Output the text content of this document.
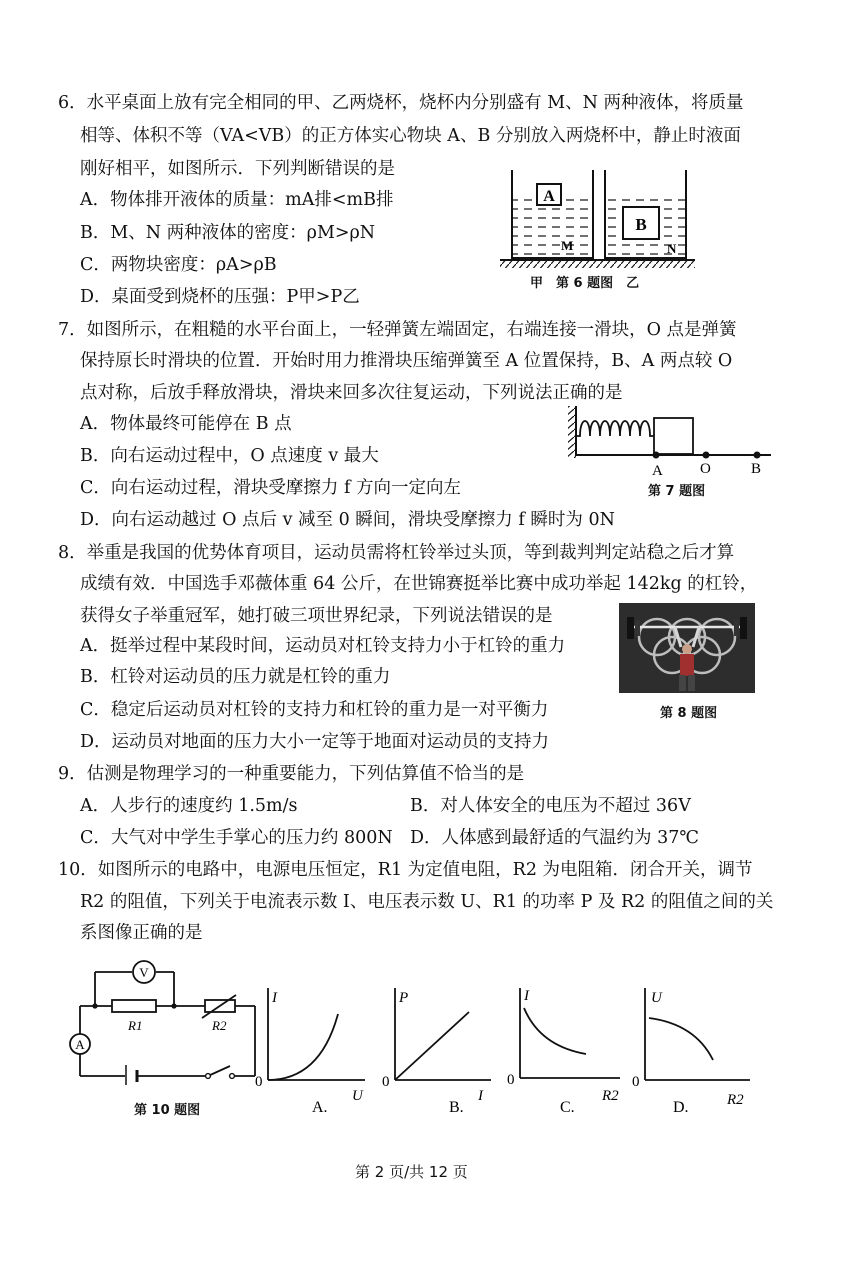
6．水平桌面上放有完全相同的甲、乙两烧杯，烧杯内分别盛有 M、N 两种液体，将质量
相等、体积不等（VA<VB）的正方体实心物块 A、B 分别放入两烧杯中，静止时液面
刚好相平，如图所示．下列判断错误的是
A．物体排开液体的质量：mA排<mB排
B．M、N 两种液体的密度：ρM>ρN
C．两物块密度：ρA>ρB
D．桌面受到烧杯的压强：P甲>P乙
A
B
M	N
甲　第 6 题图　乙
7．如图所示，在粗糙的水平台面上，一轻弹簧左端固定，右端连接一滑块，O 点是弹簧
保持原长时滑块的位置．开始时用力推滑块压缩弹簧至 A 位置保持，B、A 两点较 O
点对称，后放手释放滑块，滑块来回多次往复运动，下列说法正确的是
A．物体最终可能停在 B 点
B．向右运动过程中，O 点速度 v 最大
C．向右运动过程，滑块受摩擦力 f 方向一定向左
D．向右运动越过 O 点后 v 减至 0 瞬间，滑块受摩擦力 f 瞬时为 0N
A O	B
第 7 题图
8．举重是我国的优势体育项目，运动员需将杠铃举过头顶，等到裁判判定站稳之后才算
成绩有效．中国选手邓薇体重 64 公斤，在世锦赛挺举比赛中成功举起 142kg 的杠铃，
获得女子举重冠军，她打破三项世界纪录，下列说法错误的是
A．挺举过程中某段时间，运动员对杠铃支持力小于杠铃的重力
B．杠铃对运动员的压力就是杠铃的重力
C．稳定后运动员对杠铃的支持力和杠铃的重力是一对平衡力
D．运动员对地面的压力大小一定等于地面对运动员的支持力
第 8 题图
9．估测是物理学习的一种重要能力，下列估算值不恰当的是
A．人步行的速度约 1.5m/s	B．对人体安全的电压为不超过 36V
C．大气对中学生手掌心的压力约 800N D．人体感到最舒适的气温约为 37℃
10．如图所示的电路中，电源电压恒定，R1 为定值电阻，R2 为电阻箱．闭合开关，调节
R2 的阻值，下列关于电流表示数 I、电压表示数 U、R1 的功率 P 及 R2 的阻值之间的关
系图像正确的是
V
A
R1	R2
第 10 题图
I
0
U
A.
P
0
I
B.
I
0
R2
C.
U
0
R2
D.
第 2 页/共 12 页
